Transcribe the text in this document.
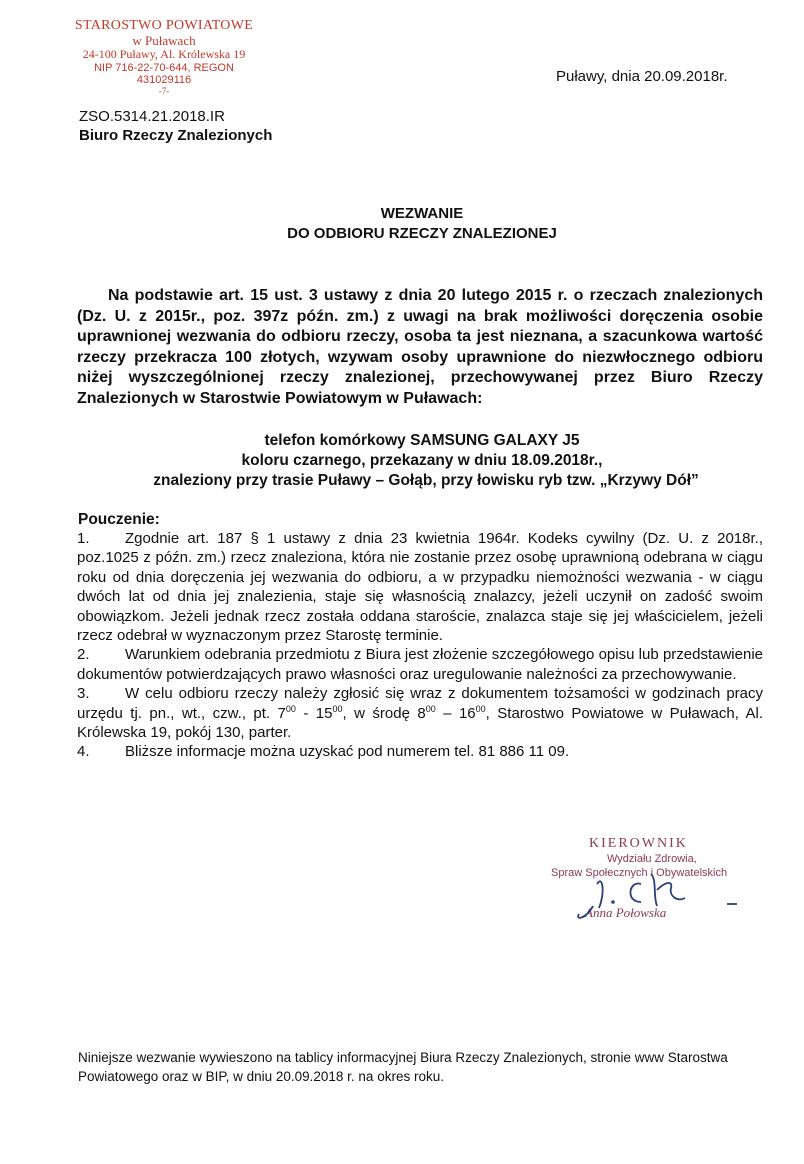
STAROSTWO POWIATOWE
w Puławach
24-100 Puławy, Al. Królewska 19
NIP 716-22-70-644, REGON 431029116
-7-
Puławy, dnia 20.09.2018r.
ZSO.5314.21.2018.IR
Biuro Rzeczy Znalezionych
WEZWANIE
DO ODBIORU RZECZY ZNALEZIONEJ
Na podstawie art. 15 ust. 3 ustawy z dnia 20 lutego 2015 r. o rzeczach znalezionych (Dz. U. z 2015r., poz. 397z późn. zm.) z uwagi na brak możliwości doręczenia osobie uprawnionej wezwania do odbioru rzeczy, osoba ta jest nieznana, a szacunkowa wartość rzeczy przekracza 100 złotych, wzywam osoby uprawnione do niezwłocznego odbioru niżej wyszczególnionej rzeczy znalezionej, przechowywanej przez Biuro Rzeczy Znalezionych w Starostwie Powiatowym w Puławach:
telefon komórkowy SAMSUNG GALAXY J5
koloru czarnego, przekazany w dniu 18.09.2018r.,
znaleziony przy trasie Puławy – Gołąb, przy łowisku ryb tzw. „Krzywy Dół”
Pouczenie:
1. Zgodnie art. 187 § 1 ustawy z dnia 23 kwietnia 1964r. Kodeks cywilny (Dz. U. z 2018r., poz.1025 z późn. zm.) rzecz znaleziona, która nie zostanie przez osobę uprawnioną odebrana w ciągu roku od dnia doręczenia jej wezwania do odbioru, a w przypadku niemożności wezwania - w ciągu dwóch lat od dnia jej znalezienia, staje się własnością znalazcy, jeżeli uczynił on zadość swoim obowiązkom. Jeżeli jednak rzecz została oddana staroście, znalazca staje się jej właścicielem, jeżeli rzecz odebrał w wyznaczonym przez Starostę terminie.
2. Warunkiem odebrania przedmiotu z Biura jest złożenie szczegółowego opisu lub przedstawienie dokumentów potwierdzających prawo własności oraz uregulowanie należności za przechowywanie.
3. W celu odbioru rzeczy należy zgłosić się wraz z dokumentem tożsamości w godzinach pracy urzędu tj. pn., wt., czw., pt. $7^{00} - 15^{00}$, w środę $8^{00} - 16^{00}$, Starostwo Powiatowe w Puławach, Al. Królewska 19, pokój 130, parter.
4. Bliższe informacje można uzyskać pod numerem tel. 81 886 11 09.
KIEROWNIK
Wydziału Zdrowia,
Spraw Społecznych i Obywatelskich
Anna Połowska
Niniejsze wezwanie wywieszono na tablicy informacyjnej Biura Rzeczy Znalezionych, stronie www Starostwa Powiatowego oraz w BIP, w dniu 20.09.2018 r. na okres roku.
